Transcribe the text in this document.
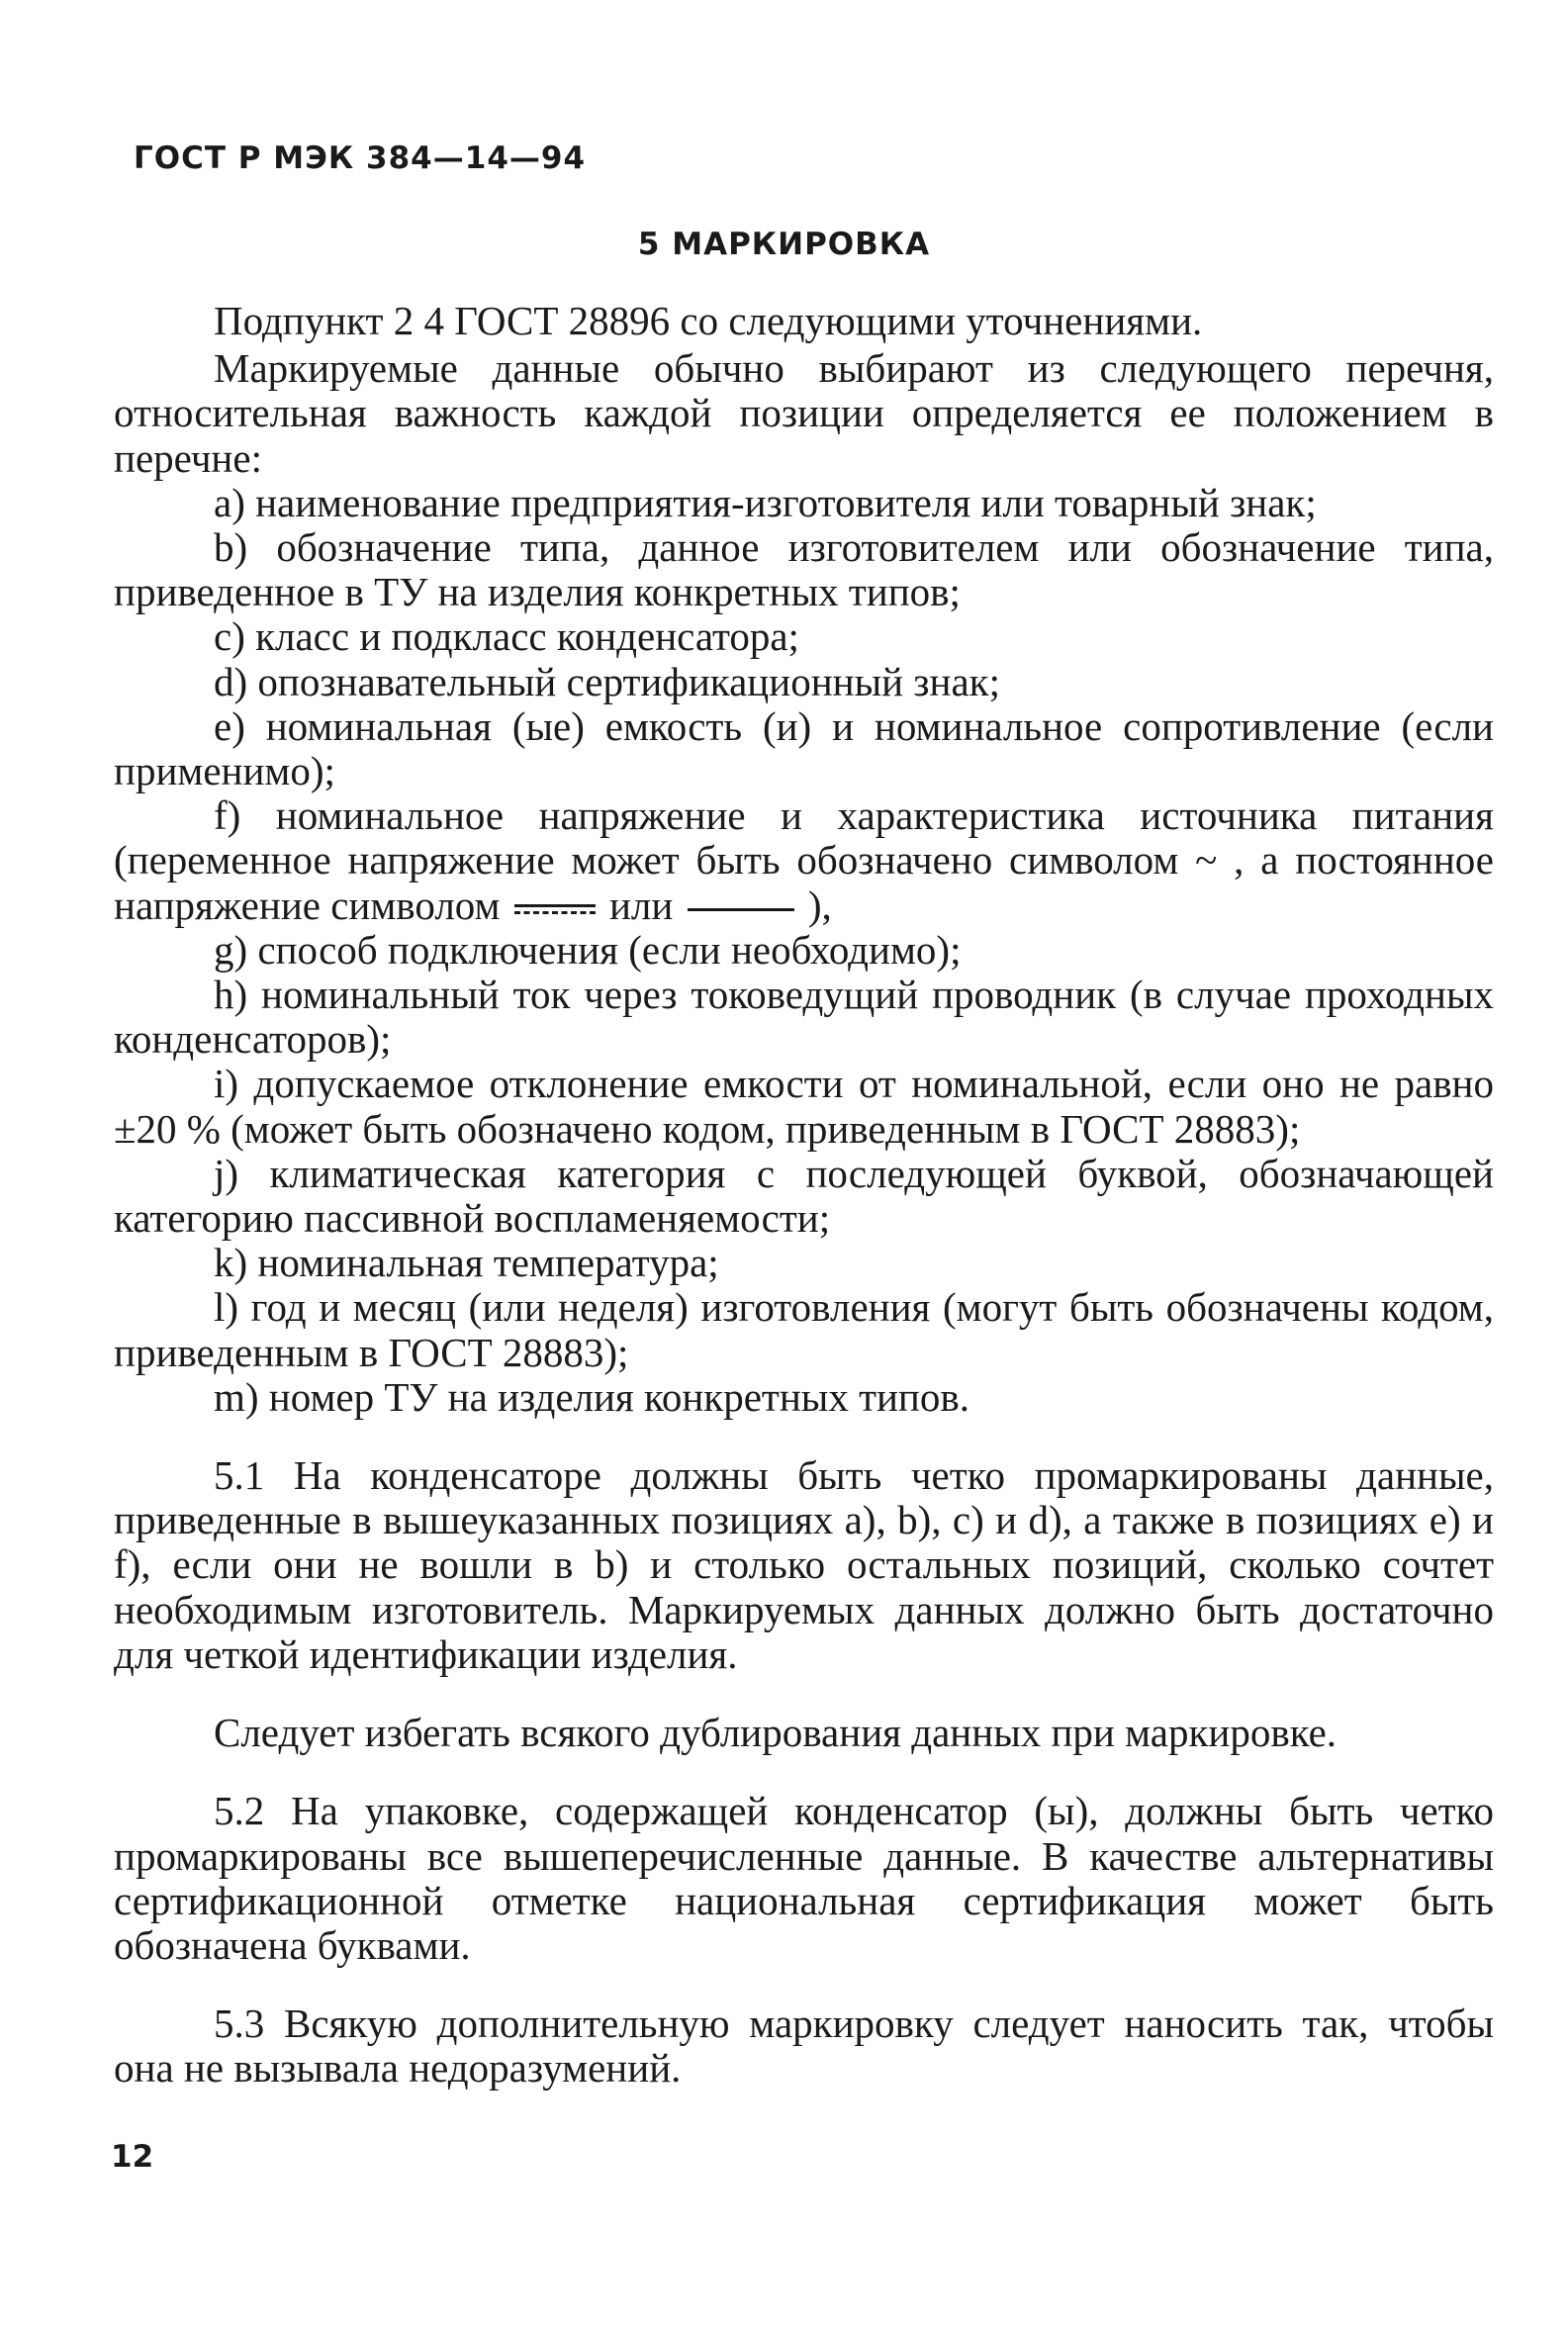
ГОСТ Р МЭК 384—14—94
5 МАРКИРОВКА

Подпункт 2 4 ГОСТ 28896 со следующими уточнениями.

Маркируемые данные обычно выбирают из следующего перечня, относительная важность каждой позиции определяется ее положением в перечне:

а) наименование предприятия-изготовителя или товарный знак;

b) обозначение типа, данное изготовителем или обозначение типа, приведенное в ТУ на изделия конкретных типов;

с) класс и подкласс конденсатора;

d) опознавательный сертификационный знак;

е) номинальная (ые) емкость (и) и номинальное сопротивление (если применимо);

f) номинальное напряжение и характеристика источника питания (переменное напряжение может быть обозначено символом ~ , а постоянное напряжение символом	или	),

g) способ подключения (если необходимо);

h) номинальный ток через токоведущий проводник (в случае проходных конденсаторов);

i) допускаемое отклонение емкости от номинальной, если оно не равно ±20 % (может быть обозначено кодом, приведенным в ГОСТ 28883);

j) климатическая категория с последующей буквой, обозначающей категорию пассивной воспламеняемости;

k) номинальная температура;

l) год и месяц (или неделя) изготовления (могут быть обозначены кодом, приведенным в ГОСТ 28883);

m) номер ТУ на изделия конкретных типов.

5.1 На конденсаторе должны быть четко промаркированы данные, приведенные в вышеуказанных позициях а), b), с) и d), а также в позициях е) и f), если они не вошли в b) и столько остальных позиций, сколько сочтет необходимым изготовитель. Маркируемых данных должно быть достаточно для четкой идентификации изделия.

Следует избегать всякого дублирования данных при маркировке.

5.2 На упаковке, содержащей конденсатор (ы), должны быть четко промаркированы все вышеперечисленные данные. В качестве альтернативы сертификационной отметке национальная сертификация может быть обозначена буквами.

5.3 Всякую дополнительную маркировку следует наносить так, чтобы она не вызывала недоразумений.

12
